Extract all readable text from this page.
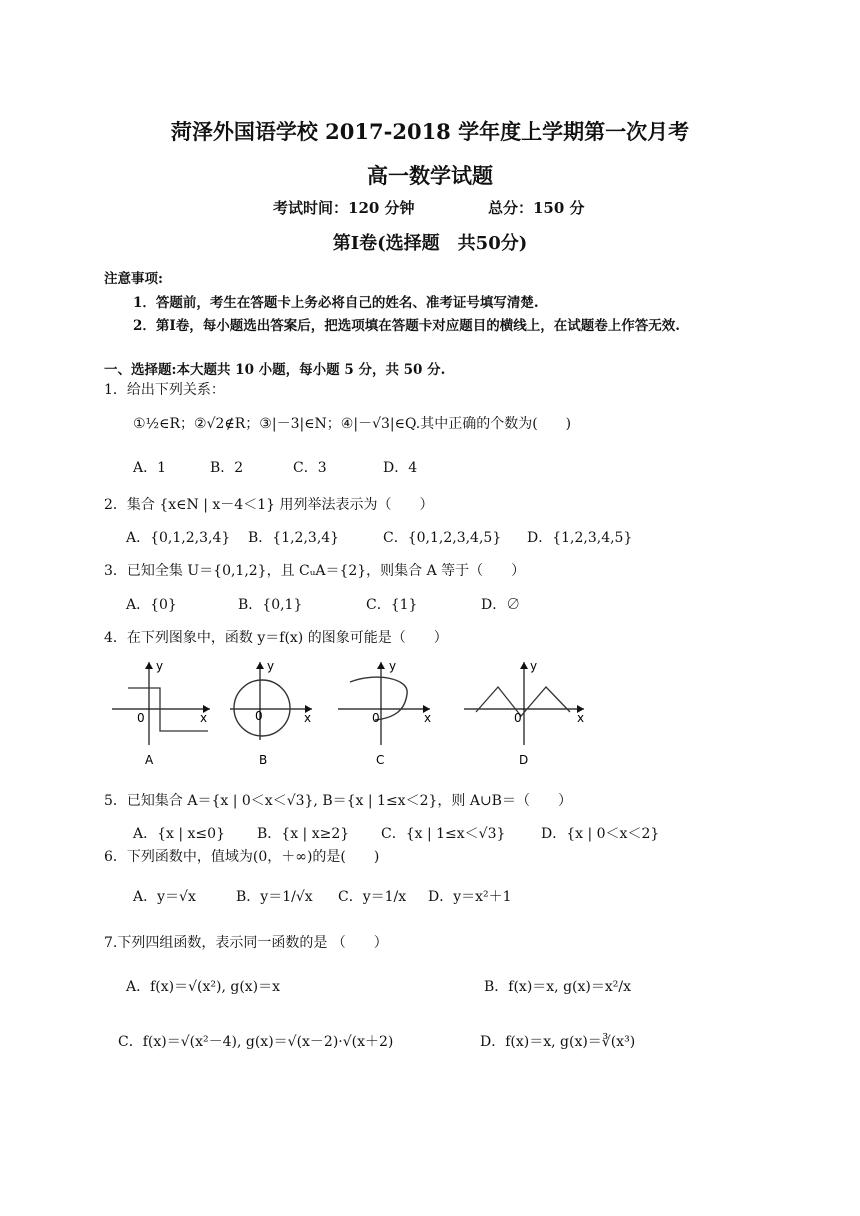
菏泽外国语学校 2017-2018 学年度上学期第一次月考
高一数学试题
考试时间：120 分钟	总分：150 分
第Ⅰ卷(选择题　共50分)
注意事项:
1．答题前，考生在答题卡上务必将自己的姓名、准考证号填写清楚.
2．第Ⅰ卷，每小题选出答案后，把选项填在答题卡对应题目的横线上，在试题卷上作答无效.
一、选择题:本大题共 10 小题，每小题 5 分，共 50 分.
1．给出下列关系：
①½∈R；②√2∉R；③|－3|∈N；④|－√3|∈Q.其中正确的个数为(　　)
A．1	B．2	C．3	D．4
2．集合 {x∈N | x－4＜1} 用列举法表示为（　　）
A．{0,1,2,3,4} B．{1,2,3,4}	C．{0,1,2,3,4,5} D．{1,2,3,4,5}
3．已知全集 U＝{0,1,2}，且 CᵤA＝{2}，则集合 A 等于（　　）
A．{0}	B．{0,1}	C．{1}	D．∅
4．在下列图象中，函数 y＝f(x) 的图象可能是（　　）
y
0	x
A
y
0	x
B
y
0	x
C
y
0	x
D
5．已知集合 A＝{x | 0＜x＜√3}, B＝{x | 1≤x＜2}，则 A∪B＝（　　）
A．{x | x≤0} B．{x | x≥2} C．{x | 1≤x＜√3}	D．{x | 0＜x＜2}
6．下列函数中，值域为(0，＋∞)的是(　　)
A．y＝√x	B．y＝1/√x C．y＝1/x D．y＝x²＋1
7.下列四组函数，表示同一函数的是 （　　）
A．f(x)＝√(x²), g(x)＝x	B．f(x)＝x, g(x)＝x²/x
C．f(x)＝√(x²－4), g(x)＝√(x－2)·√(x＋2)	D．f(x)＝x, g(x)＝∛(x³)
